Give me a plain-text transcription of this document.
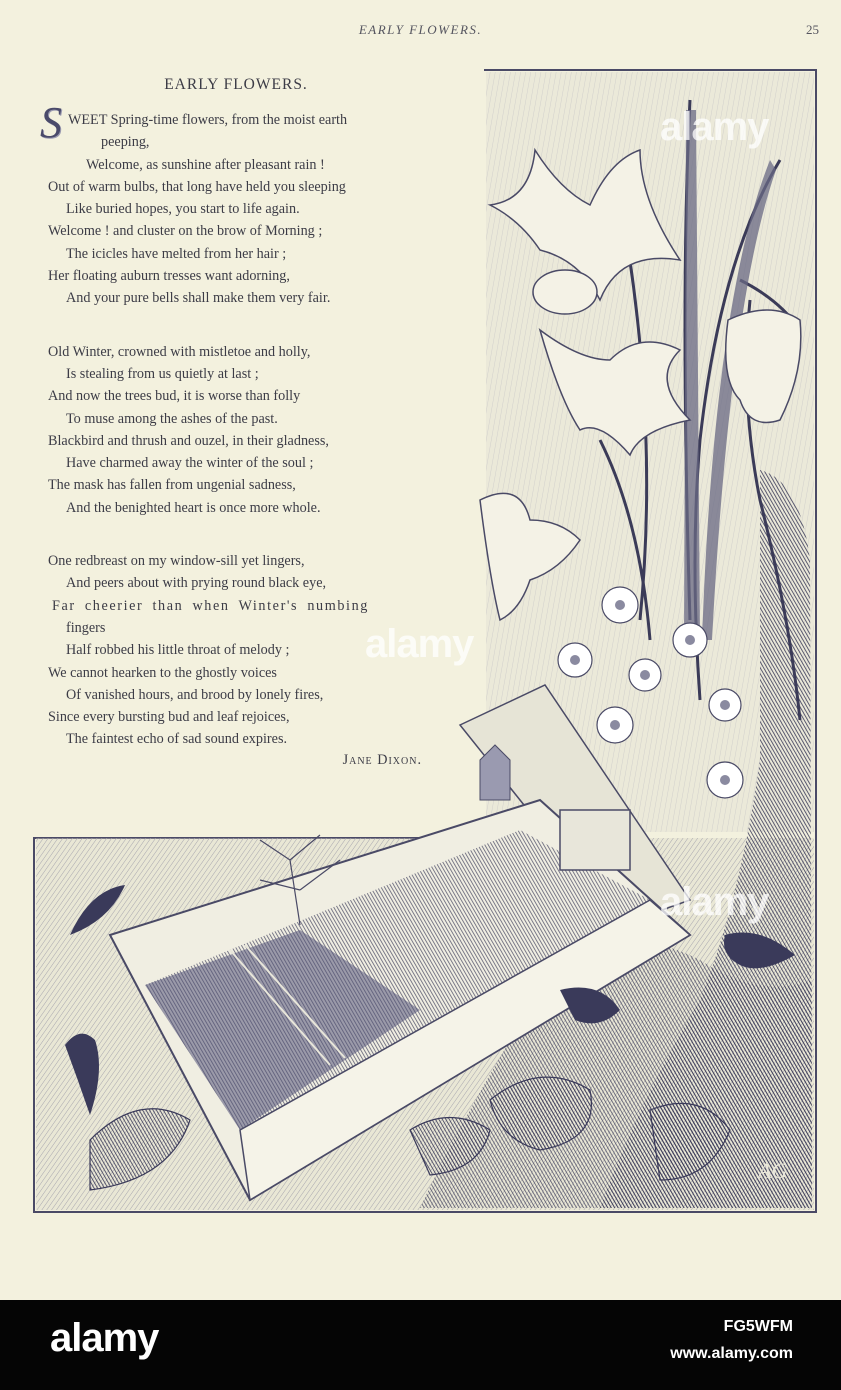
AG
EARLY FLOWERS.	25
EARLY FLOWERS.
SWEET Spring-time flowers, from the moist earth
peeping,
Welcome, as sunshine after pleasant rain !
Out of warm bulbs, that long have held you sleeping
Like buried hopes, you start to life again.
Welcome ! and cluster on the brow of Morning ;
The icicles have melted from her hair ;
Her floating auburn tresses want adorning,
And your pure bells shall make them very fair.
Old Winter, crowned with mistletoe and holly,
Is stealing from us quietly at last ;
And now the trees bud, it is worse than folly
To muse among the ashes of the past.
Blackbird and thrush and ouzel, in their gladness,
Have charmed away the winter of the soul ;
The mask has fallen from ungenial sadness,
And the benighted heart is once more whole.
One redbreast on my window-sill yet lingers,
And peers about with prying round black eye,
Far cheerier than when Winter's numbing
fingers
Half robbed his little throat of melody ;
We cannot hearken to the ghostly voices
Of vanished hours, and brood by lonely fires,
Since every bursting bud and leaf rejoices,
The faintest echo of sad sound expires.
Jane Dixon.
alamy
alamy
alamy
alamy	FG5WFM
www.alamy.com
